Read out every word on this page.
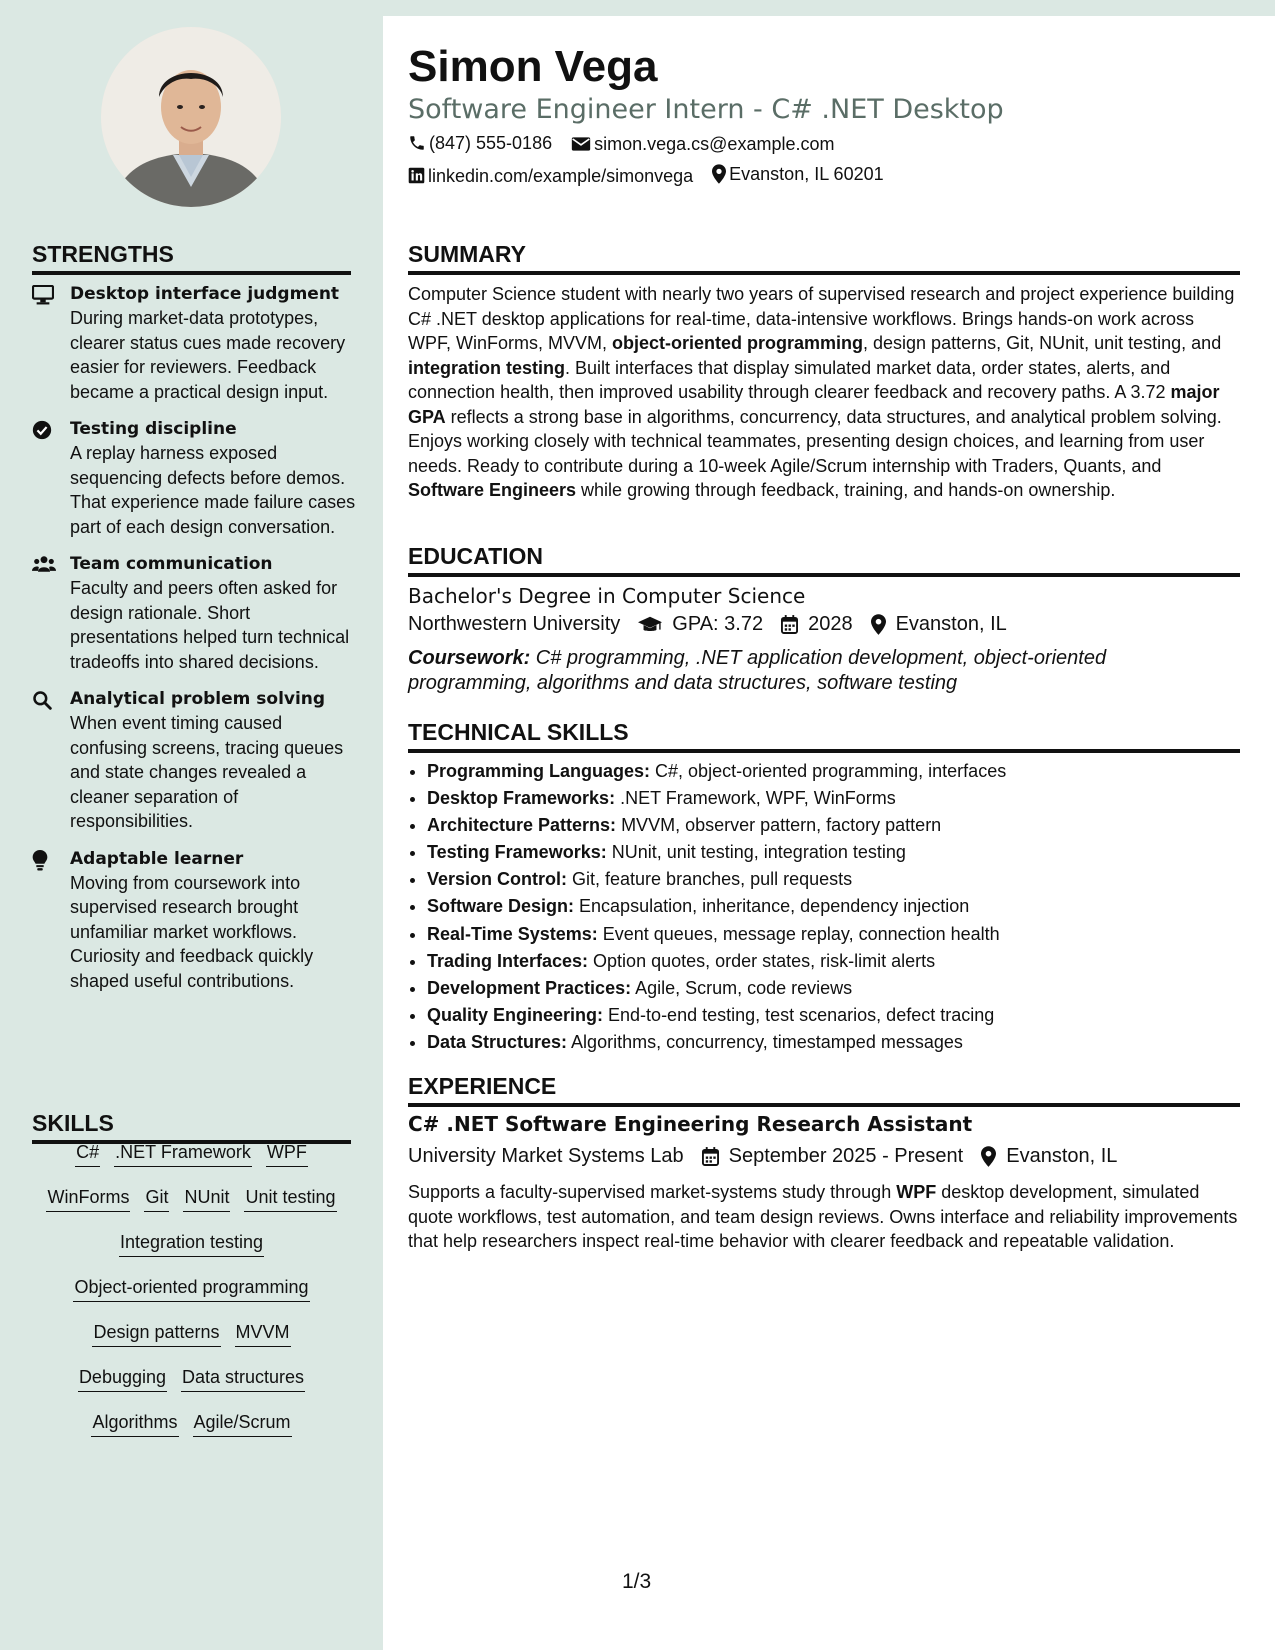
Simon Vega
Software Engineer Intern - C# .NET Desktop
(847) 555-0186
simon.vega.cs@example.com
linkedin.com/example/simonvega
Evanston, IL 60201
STRENGTHS
Desktop interface judgment
During market-data prototypes, clearer status cues made recovery easier for reviewers. Feedback became a practical design input.
Testing discipline
A replay harness exposed sequencing defects before demos. That experience made failure cases part of each design conversation.
Team communication
Faculty and peers often asked for design rationale. Short presentations helped turn technical tradeoffs into shared decisions.
Analytical problem solving
When event timing caused confusing screens, tracing queues and state changes revealed a cleaner separation of responsibilities.
Adaptable learner
Moving from coursework into supervised research brought unfamiliar market workflows. Curiosity and feedback quickly shaped useful contributions.
SKILLS
C# .NET Framework WPF
WinForms Git NUnit Unit testing
Integration testing
Object-oriented programming
Design patterns MVVM
Debugging Data structures
Algorithms Agile/Scrum
SUMMARY
Computer Science student with nearly two years of supervised research and project experience building C# .NET desktop applications for real-time, data-intensive workflows. Brings hands-on work across WPF, WinForms, MVVM, object-oriented programming, design patterns, Git, NUnit, unit testing, and integration testing. Built interfaces that display simulated market data, order states, alerts, and connection health, then improved usability through clearer feedback and recovery paths. A 3.72 major GPA reflects a strong base in algorithms, concurrency, data structures, and analytical problem solving. Enjoys working closely with technical teammates, presenting design choices, and learning from user needs. Ready to contribute during a 10-week Agile/Scrum internship with Traders, Quants, and Software Engineers while growing through feedback, training, and hands-on ownership.
EDUCATION
Bachelor's Degree in Computer Science
Northwestern University	GPA: 3.72 2028 Evanston, IL
Coursework: C# programming, .NET application development, object-oriented programming, algorithms and data structures, software testing
TECHNICAL SKILLS
• Programming Languages: C#, object-oriented programming, interfaces
• Desktop Frameworks: .NET Framework, WPF, WinForms
• Architecture Patterns: MVVM, observer pattern, factory pattern
• Testing Frameworks: NUnit, unit testing, integration testing
• Version Control: Git, feature branches, pull requests
• Software Design: Encapsulation, inheritance, dependency injection
• Real-Time Systems: Event queues, message replay, connection health
• Trading Interfaces: Option quotes, order states, risk-limit alerts
• Development Practices: Agile, Scrum, code reviews
• Quality Engineering: End-to-end testing, test scenarios, defect tracing
• Data Structures: Algorithms, concurrency, timestamped messages
EXPERIENCE
C# .NET Software Engineering Research Assistant
University Market Systems Lab September 2025 - Present Evanston, IL
Supports a faculty-supervised market-systems study through WPF desktop development, simulated quote workflows, test automation, and team design reviews. Owns interface and reliability improvements that help researchers inspect real-time behavior with clearer feedback and repeatable validation.
1/3
